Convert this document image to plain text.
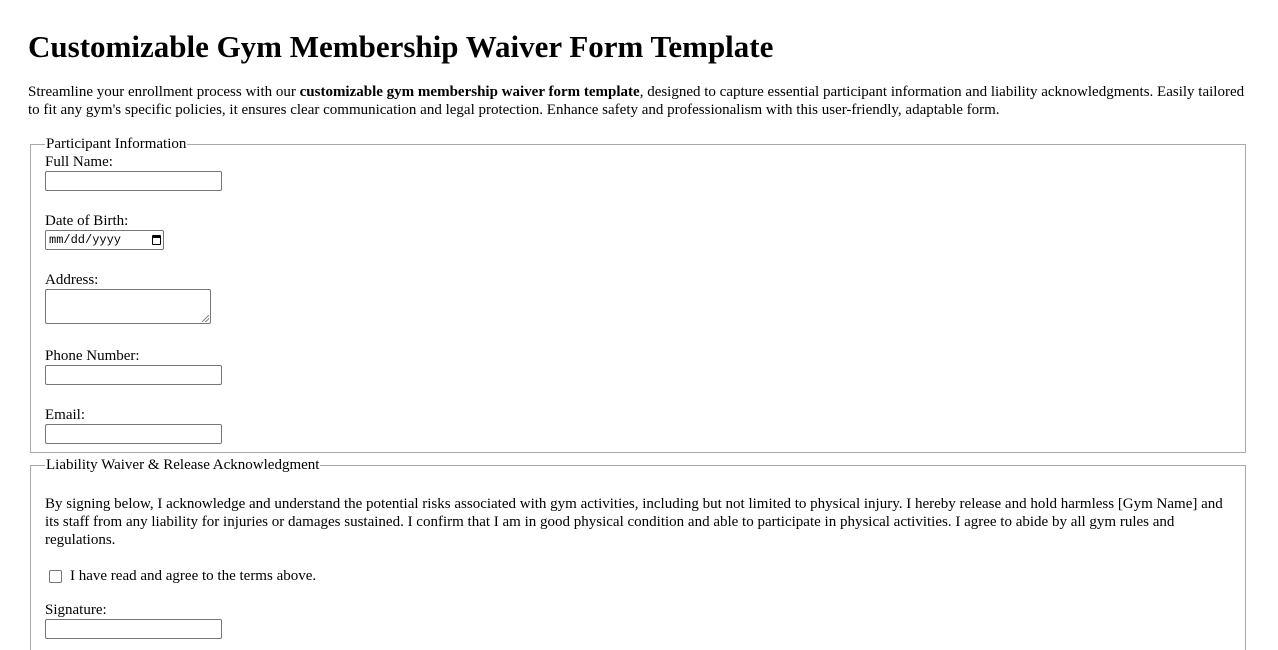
Customizable Gym Membership Waiver Form Template

Streamline your enrollment process with our customizable gym membership waiver form template, designed to capture essential participant information and liability acknowledgments. Easily tailored to fit any gym's specific policies, it ensures clear communication and legal protection. Enhance safety and professionalism with this user-friendly, adaptable form.

Participant Information
Full Name:
Date of Birth:
mm/dd/yyyy
Address:
Phone Number:
Email:
Liability Waiver & Release Acknowledgment

By signing below, I acknowledge and understand the potential risks associated with gym activities, including but not limited to physical injury. I hereby release and hold harmless [Gym Name] and its staff from any liability for injuries or damages sustained. I confirm that I am in good physical condition and able to participate in physical activities. I agree to abide by all gym rules and regulations.

I have read and agree to the terms above.
Signature:
